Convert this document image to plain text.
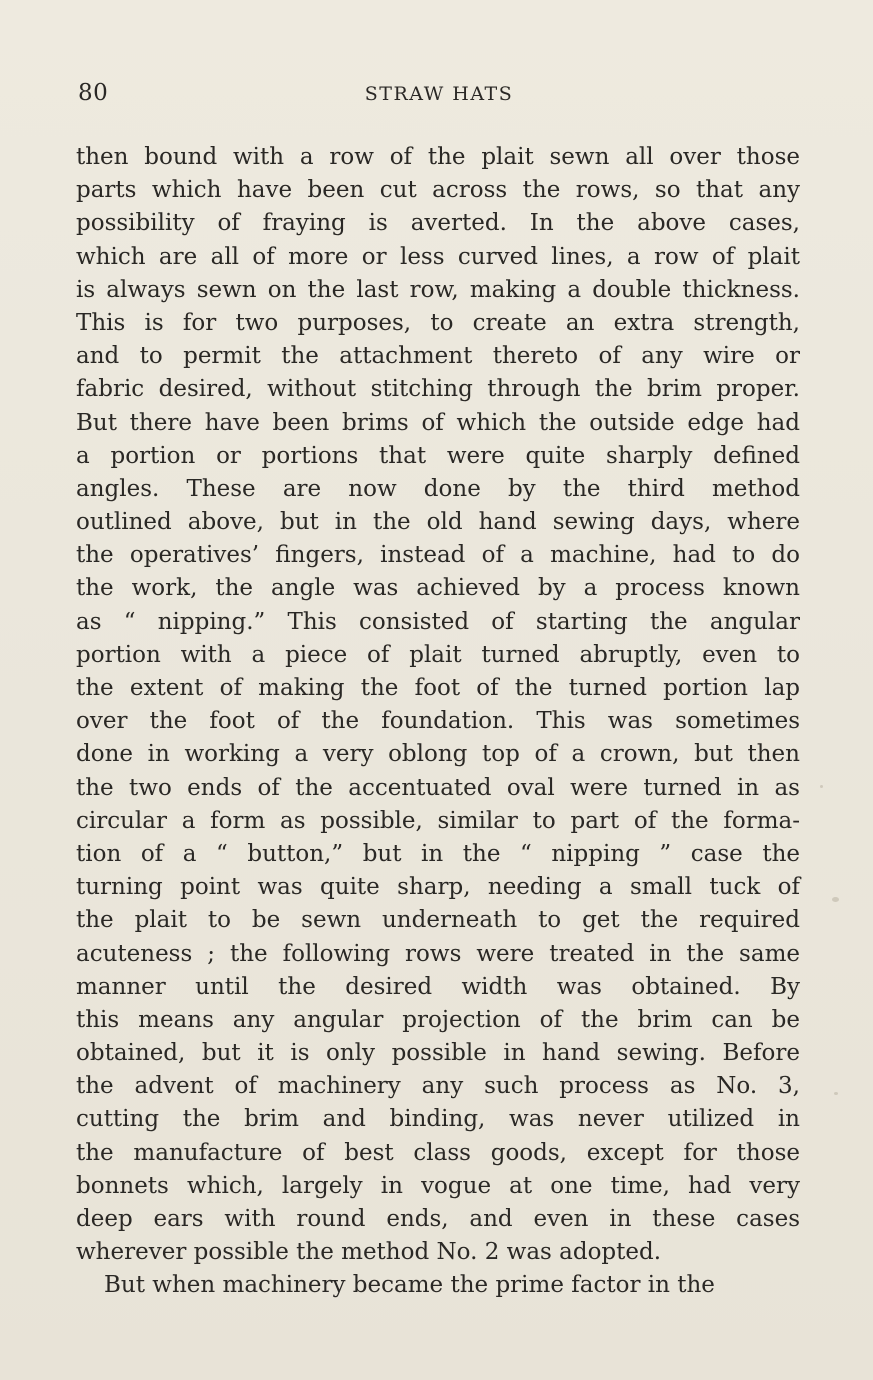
80	STRAW HATS
then bound with a row of the plait sewn all over those
parts which have been cut across the rows, so that any
possibility of fraying is averted. In the above cases,
which are all of more or less curved lines, a row of plait
is always sewn on the last row, making a double thickness.
This is for two purposes, to create an extra strength,
and to permit the attachment thereto of any wire or
fabric desired, without stitching through the brim proper.
But there have been brims of which the outside edge had
a portion or portions that were quite sharply defined
angles. These are now done by the third method
outlined above, but in the old hand sewing days, where
the operatives’ fingers, instead of a machine, had to do
the work, the angle was achieved by a process known
as “ nipping.” This consisted of starting the angular
portion with a piece of plait turned abruptly, even to
the extent of making the foot of the turned portion lap
over the foot of the foundation. This was sometimes
done in working a very oblong top of a crown, but then
the two ends of the accentuated oval were turned in as
circular a form as possible, similar to part of the forma-
tion of a “ button,” but in the “ nipping ” case the
turning point was quite sharp, needing a small tuck of
the plait to be sewn underneath to get the required
acuteness ; the following rows were treated in the same
manner until the desired width was obtained. By
this means any angular projection of the brim can be
obtained, but it is only possible in hand sewing. Before
the advent of machinery any such process as No. 3,
cutting the brim and binding, was never utilized in
the manufacture of best class goods, except for those
bonnets which, largely in vogue at one time, had very
deep ears with round ends, and even in these cases
wherever possible the method No. 2 was adopted.
But when machinery became the prime factor in the
